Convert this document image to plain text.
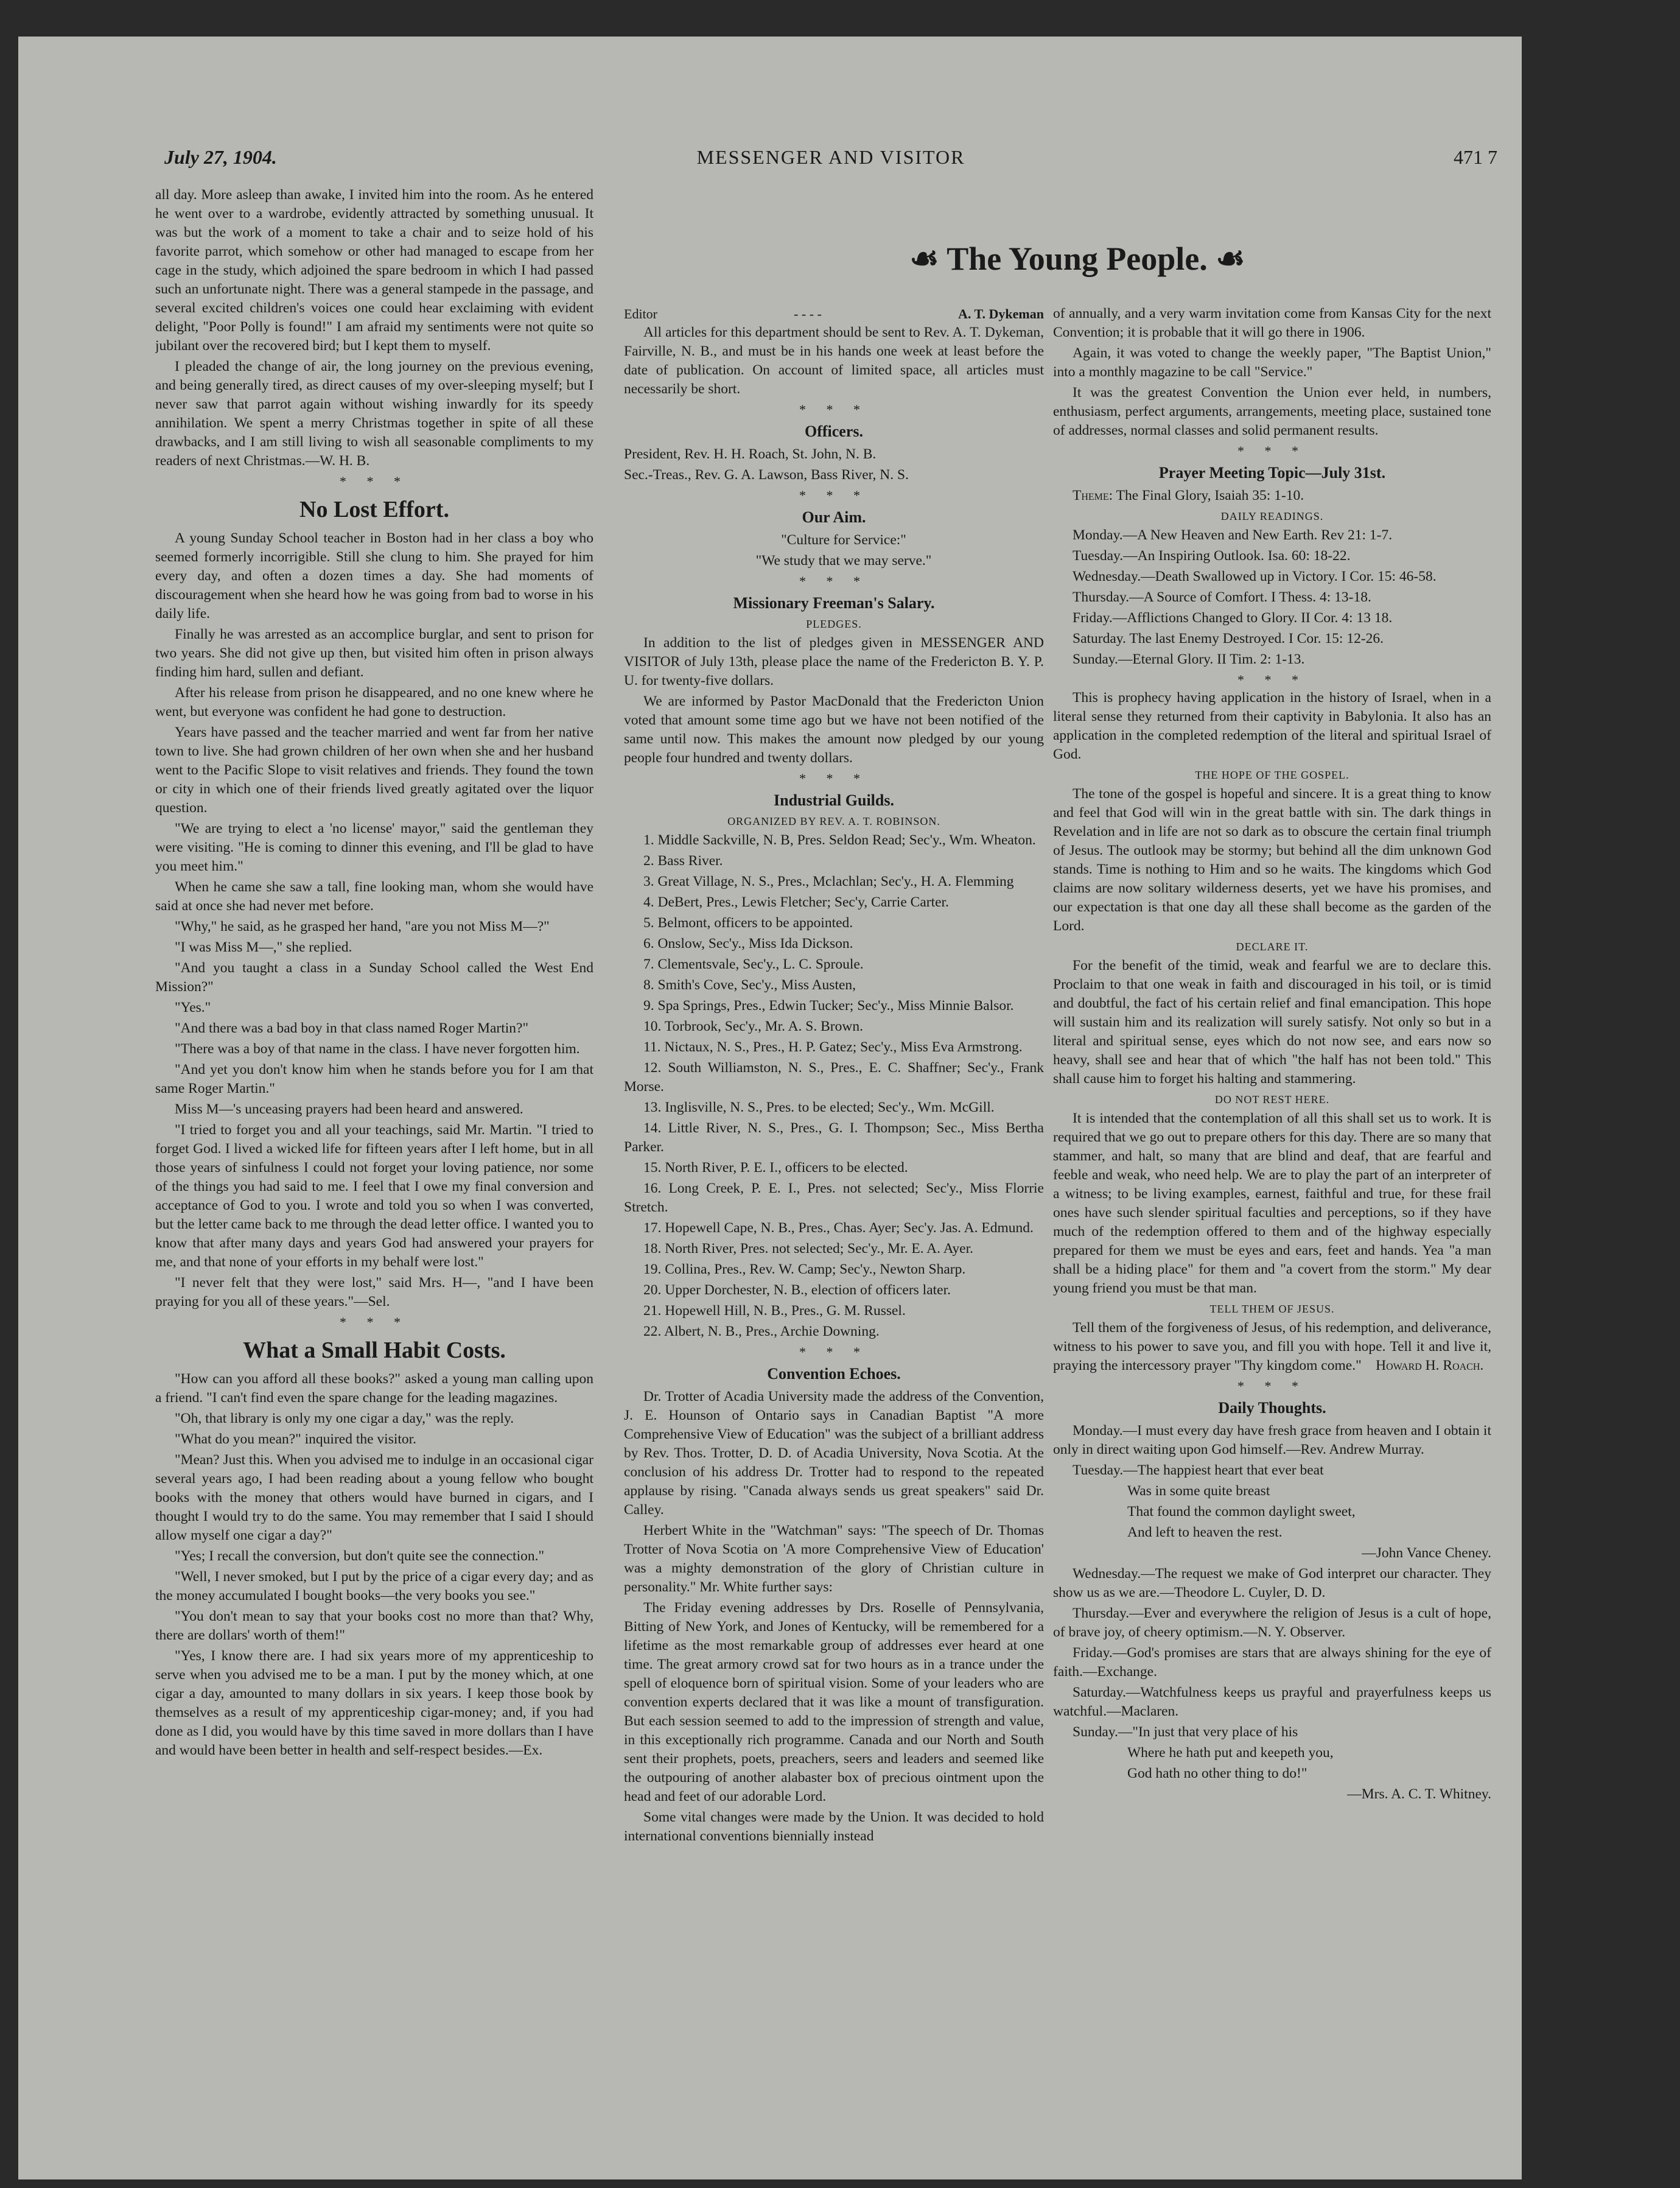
MESSENGER AND VISITOR
July 27, 1904.	471 7

all day. More asleep than awake, I invited him into the room. As he entered he went over to a wardrobe, evidently attracted by something unusual. It was but the work of a moment to take a chair and to seize hold of his favorite parrot, which somehow or other had managed to escape from her cage in the study, which adjoined the spare bedroom in which I had passed such an unfortunate night. There was a general stampede in the passage, and several excited children's voices one could hear exclaiming with evident delight, "Poor Polly is found!" I am afraid my sentiments were not quite so jubilant over the recovered bird; but I kept them to myself.

I pleaded the change of air, the long journey on the previous evening, and being generally tired, as direct causes of my over-sleeping myself; but I never saw that parrot again without wishing inwardly for its speedy annihilation. We spent a merry Christmas together in spite of all these drawbacks, and I am still living to wish all seasonable compliments to my readers of next Christmas.—W. H. B.

* * *
No Lost Effort.

A young Sunday School teacher in Boston had in her class a boy who seemed formerly incorrigible. Still she clung to him. She prayed for him every day, and often a dozen times a day. She had moments of discouragement when she heard how he was going from bad to worse in his daily life.

Finally he was arrested as an accomplice burglar, and sent to prison for two years. She did not give up then, but visited him often in prison always finding him hard, sullen and defiant.

After his release from prison he disappeared, and no one knew where he went, but everyone was confident he had gone to destruction.

Years have passed and the teacher married and went far from her native town to live. She had grown children of her own when she and her husband went to the Pacific Slope to visit relatives and friends. They found the town or city in which one of their friends lived greatly agitated over the liquor question.

"We are trying to elect a 'no license' mayor," said the gentleman they were visiting. "He is coming to dinner this evening, and I'll be glad to have you meet him."

When he came she saw a tall, fine looking man, whom she would have said at once she had never met before.

"Why," he said, as he grasped her hand, "are you not Miss M—?"

"I was Miss M—," she replied.

"And you taught a class in a Sunday School called the West End Mission?"

"Yes."

"And there was a bad boy in that class named Roger Martin?"

"There was a boy of that name in the class. I have never forgotten him.

"And yet you don't know him when he stands before you for I am that same Roger Martin."

Miss M—'s unceasing prayers had been heard and answered.

"I tried to forget you and all your teachings, said Mr. Martin. "I tried to forget God. I lived a wicked life for fifteen years after I left home, but in all those years of sinfulness I could not forget your loving patience, nor some of the things you had said to me. I feel that I owe my final conversion and acceptance of God to you. I wrote and told you so when I was converted, but the letter came back to me through the dead letter office. I wanted you to know that after many days and years God had answered your prayers for me, and that none of your efforts in my behalf were lost."

"I never felt that they were lost," said Mrs. H—, "and I have been praying for you all of these years."—Sel.

* * *
What a Small Habit Costs.

"How can you afford all these books?" asked a young man calling upon a friend. "I can't find even the spare change for the leading magazines.

"Oh, that library is only my one cigar a day," was the reply.

"What do you mean?" inquired the visitor.

"Mean? Just this. When you advised me to indulge in an occasional cigar several years ago, I had been reading about a young fellow who bought books with the money that others would have burned in cigars, and I thought I would try to do the same. You may remember that I said I should allow myself one cigar a day?"

"Yes; I recall the conversion, but don't quite see the connection."

"Well, I never smoked, but I put by the price of a cigar every day; and as the money accumulated I bought books—the very books you see."

"You don't mean to say that your books cost no more than that? Why, there are dollars' worth of them!"

"Yes, I know there are. I had six years more of my apprenticeship to serve when you advised me to be a man. I put by the money which, at one cigar a day, amounted to many dollars in six years. I keep those book by themselves as a result of my apprenticeship cigar-money; and, if you had done as I did, you would have by this time saved in more dollars than I have and would have been better in health and self-respect besides.—Ex.

☙ The Young People. ☙
Editor	- - - -	A. T. Dykeman

All articles for this department should be sent to Rev. A. T. Dykeman, Fairville, N. B., and must be in his hands one week at least before the date of publication. On account of limited space, all articles must necessarily be short.

* * *
Officers.

President, Rev. H. H. Roach, St. John, N. B.

Sec.-Treas., Rev. G. A. Lawson, Bass River, N. S.

* * *
Our Aim.

"Culture for Service:"

"We study that we may serve."

* * *
Missionary Freeman's Salary.
PLEDGES.

In addition to the list of pledges given in MESSENGER AND VISITOR of July 13th, please place the name of the Fredericton B. Y. P. U. for twenty-five dollars.

We are informed by Pastor MacDonald that the Fredericton Union voted that amount some time ago but we have not been notified of the same until now. This makes the amount now pledged by our young people four hundred and twenty dollars.

* * *
Industrial Guilds.
ORGANIZED BY REV. A. T. ROBINSON.

1. Middle Sackville, N. B, Pres. Seldon Read; Sec'y., Wm. Wheaton.

2. Bass River.

3. Great Village, N. S., Pres., Mclachlan; Sec'y., H. A. Flemming

4. DeBert, Pres., Lewis Fletcher; Sec'y, Carrie Carter.

5. Belmont, officers to be appointed.

6. Onslow, Sec'y., Miss Ida Dickson.

7. Clementsvale, Sec'y., L. C. Sproule.

8. Smith's Cove, Sec'y., Miss Austen,

9. Spa Springs, Pres., Edwin Tucker; Sec'y., Miss Minnie Balsor.

10. Torbrook, Sec'y., Mr. A. S. Brown.

11. Nictaux, N. S., Pres., H. P. Gatez; Sec'y., Miss Eva Armstrong.

12. South Williamston, N. S., Pres., E. C. Shaffner; Sec'y., Frank Morse.

13. Inglisville, N. S., Pres. to be elected; Sec'y., Wm. McGill.

14. Little River, N. S., Pres., G. I. Thompson; Sec., Miss Bertha Parker.

15. North River, P. E. I., officers to be elected.

16. Long Creek, P. E. I., Pres. not selected; Sec'y., Miss Florrie Stretch.

17. Hopewell Cape, N. B., Pres., Chas. Ayer; Sec'y. Jas. A. Edmund.

18. North River, Pres. not selected; Sec'y., Mr. E. A. Ayer.

19. Collina, Pres., Rev. W. Camp; Sec'y., Newton Sharp.

20. Upper Dorchester, N. B., election of officers later.

21. Hopewell Hill, N. B., Pres., G. M. Russel.

22. Albert, N. B., Pres., Archie Downing.

* * *
Convention Echoes.

Dr. Trotter of Acadia University made the address of the Convention, J. E. Hounson of Ontario says in Canadian Baptist "A more Comprehensive View of Education" was the subject of a brilliant address by Rev. Thos. Trotter, D. D. of Acadia University, Nova Scotia. At the conclusion of his address Dr. Trotter had to respond to the repeated applause by rising. "Canada always sends us great speakers" said Dr. Calley.

Herbert White in the "Watchman" says: "The speech of Dr. Thomas Trotter of Nova Scotia on 'A more Comprehensive View of Education' was a mighty demonstration of the glory of Christian culture in personality." Mr. White further says:

The Friday evening addresses by Drs. Roselle of Pennsylvania, Bitting of New York, and Jones of Kentucky, will be remembered for a lifetime as the most remarkable group of addresses ever heard at one time. The great armory crowd sat for two hours as in a trance under the spell of eloquence born of spiritual vision. Some of your leaders who are convention experts declared that it was like a mount of transfiguration. But each session seemed to add to the impression of strength and value, in this exceptionally rich programme. Canada and our North and South sent their prophets, poets, preachers, seers and leaders and seemed like the outpouring of another alabaster box of precious ointment upon the head and feet of our adorable Lord.

Some vital changes were made by the Union. It was decided to hold international conventions biennially instead

of annually, and a very warm invitation come from Kansas City for the next Convention; it is probable that it will go there in 1906.

Again, it was voted to change the weekly paper, "The Baptist Union," into a monthly magazine to be call "Service."

It was the greatest Convention the Union ever held, in numbers, enthusiasm, perfect arguments, arrangements, meeting place, sustained tone of addresses, normal classes and solid permanent results.

* * *
Prayer Meeting Topic—July 31st.

Theme: The Final Glory, Isaiah 35: 1-10.

DAILY READINGS.

Monday.—A New Heaven and New Earth. Rev 21: 1-7.

Tuesday.—An Inspiring Outlook. Isa. 60: 18-22.

Wednesday.—Death Swallowed up in Victory. I Cor. 15: 46-58.

Thursday.—A Source of Comfort. I Thess. 4: 13-18.

Friday.—Afflictions Changed to Glory. II Cor. 4: 13 18.

Saturday. The last Enemy Destroyed. I Cor. 15: 12-26.

Sunday.—Eternal Glory. II Tim. 2: 1-13.

* * *

This is prophecy having application in the history of Israel, when in a literal sense they returned from their captivity in Babylonia. It also has an application in the completed redemption of the literal and spiritual Israel of God.

THE HOPE OF THE GOSPEL.

The tone of the gospel is hopeful and sincere. It is a great thing to know and feel that God will win in the great battle with sin. The dark things in Revelation and in life are not so dark as to obscure the certain final triumph of Jesus. The outlook may be stormy; but behind all the dim unknown God stands. Time is nothing to Him and so he waits. The kingdoms which God claims are now solitary wilderness deserts, yet we have his promises, and our expectation is that one day all these shall become as the garden of the Lord.

DECLARE IT.

For the benefit of the timid, weak and fearful we are to declare this. Proclaim to that one weak in faith and discouraged in his toil, or is timid and doubtful, the fact of his certain relief and final emancipation. This hope will sustain him and its realization will surely satisfy. Not only so but in a literal and spiritual sense, eyes which do not now see, and ears now so heavy, shall see and hear that of which "the half has not been told." This shall cause him to forget his halting and stammering.

DO NOT REST HERE.

It is intended that the contemplation of all this shall set us to work. It is required that we go out to prepare others for this day. There are so many that stammer, and halt, so many that are blind and deaf, that are fearful and feeble and weak, who need help. We are to play the part of an interpreter of a witness; to be living examples, earnest, faithful and true, for these frail ones have such slender spiritual faculties and perceptions, so if they have much of the redemption offered to them and of the highway especially prepared for them we must be eyes and ears, feet and hands. Yea "a man shall be a hiding place" for them and "a covert from the storm." My dear young friend you must be that man.

TELL THEM OF JESUS.

Tell them of the forgiveness of Jesus, of his redemption, and deliverance, witness to his power to save you, and fill you with hope. Tell it and live it, praying the intercessory prayer "Thy kingdom come." Howard H. Roach.

* * *
Daily Thoughts.

Monday.—I must every day have fresh grace from heaven and I obtain it only in direct waiting upon God himself.—Rev. Andrew Murray.

Tuesday.—The happiest heart that ever beat

Was in some quite breast

That found the common daylight sweet,

And left to heaven the rest.

—John Vance Cheney.

Wednesday.—The request we make of God interpret our character. They show us as we are.—Theodore L. Cuyler, D. D.

Thursday.—Ever and everywhere the religion of Jesus is a cult of hope, of brave joy, of cheery optimism.—N. Y. Observer.

Friday.—God's promises are stars that are always shining for the eye of faith.—Exchange.

Saturday.—Watchfulness keeps us prayful and prayerfulness keeps us watchful.—Maclaren.

Sunday.—"In just that very place of his

Where he hath put and keepeth you,

God hath no other thing to do!"

—Mrs. A. C. T. Whitney.
